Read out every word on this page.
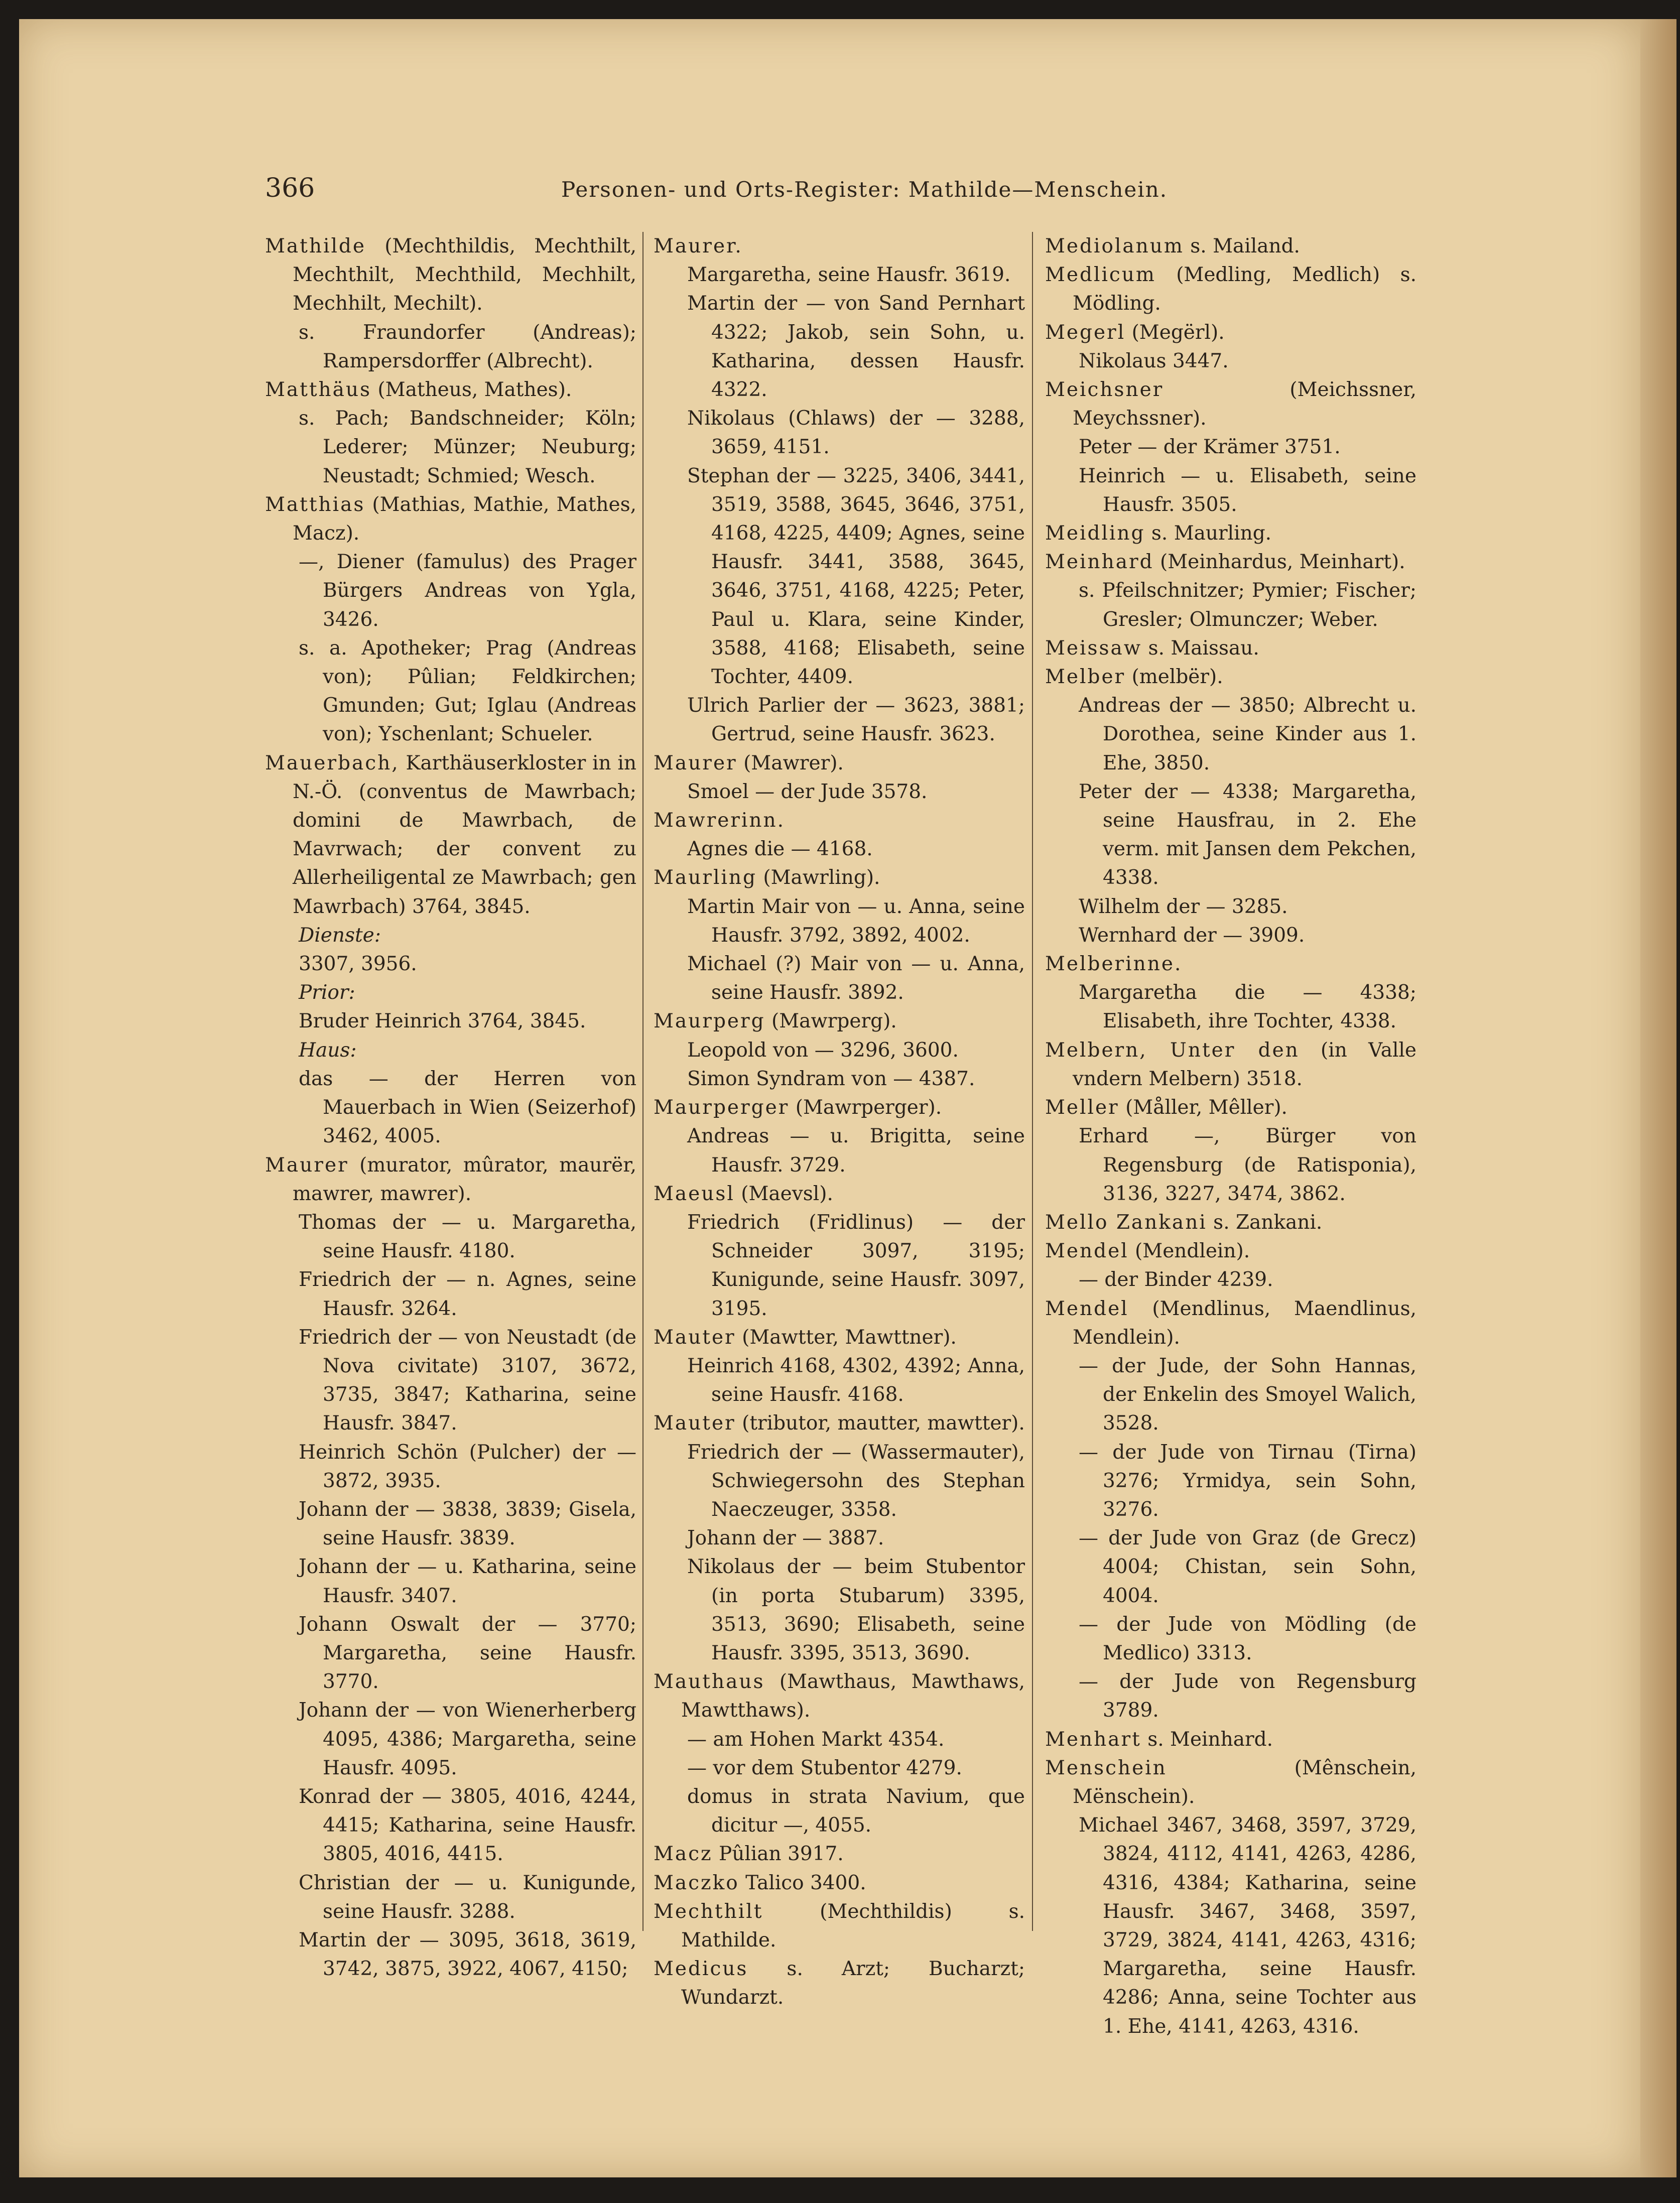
366	Personen- und Orts-Register: Mathilde—Menschein.

Mathilde (Mechthildis, Mechthilt, Mechthilt, Mechthild, Mechhilt, Mechhilt, Mechilt).

s. Fraundorfer (Andreas); Rampersdorffer (Albrecht).

Matthäus (Matheus, Mathes).

s. Pach; Bandschneider; Köln; Lederer; Münzer; Neuburg; Neustadt; Schmied; Wesch.

Matthias (Mathias, Mathie, Mathes, Macz).

—, Diener (famulus) des Prager Bürgers Andreas von Ygla, 3426.

s. a. Apotheker; Prag (Andreas von); Pûlian; Feldkirchen; Gmunden; Gut; Iglau (Andreas von); Yschenlant; Schueler.

Mauerbach, Karthäuserkloster in in N.-Ö. (conventus de Mawrbach; domini de Mawrbach, de Mavrwach; der convent zu Allerheiligental ze Mawrbach; gen Mawrbach) 3764, 3845.

Dienste:

3307, 3956.

Prior:

Bruder Heinrich 3764, 3845.

Haus:

das — der Herren von Mauerbach in Wien (Seizerhof) 3462, 4005.

Maurer (murator, mûrator, maurër, mawrer, mawrer).

Thomas der — u. Margaretha, seine Hausfr. 4180.

Friedrich der — n. Agnes, seine Hausfr. 3264.

Friedrich der — von Neustadt (de Nova civitate) 3107, 3672, 3735, 3847; Katharina, seine Hausfr. 3847.

Heinrich Schön (Pulcher) der — 3872, 3935.

Johann der — 3838, 3839; Gisela, seine Hausfr. 3839.

Johann der — u. Katharina, seine Hausfr. 3407.

Johann Oswalt der — 3770; Margaretha, seine Hausfr. 3770.

Johann der — von Wienerherberg 4095, 4386; Margaretha, seine Hausfr. 4095.

Konrad der — 3805, 4016, 4244, 4415; Katharina, seine Hausfr. 3805, 4016, 4415.

Christian der — u. Kunigunde, seine Hausfr. 3288.

Martin der — 3095, 3618, 3619, 3742, 3875, 3922, 4067, 4150;

Maurer.

Margaretha, seine Hausfr. 3619.

Martin der — von Sand Pernhart 4322; Jakob, sein Sohn, u. Katharina, dessen Hausfr. 4322.

Nikolaus (Chlaws) der — 3288, 3659, 4151.

Stephan der — 3225, 3406, 3441, 3519, 3588, 3645, 3646, 3751, 4168, 4225, 4409; Agnes, seine Hausfr. 3441, 3588, 3645, 3646, 3751, 4168, 4225; Peter, Paul u. Klara, seine Kinder, 3588, 4168; Elisabeth, seine Tochter, 4409.

Ulrich Parlier der — 3623, 3881; Gertrud, seine Hausfr. 3623.

Maurer (Mawrer).

Smoel — der Jude 3578.

Mawrerinn.

Agnes die — 4168.

Maurling (Mawrling).

Martin Mair von — u. Anna, seine Hausfr. 3792, 3892, 4002.

Michael (?) Mair von — u. Anna, seine Hausfr. 3892.

Maurperg (Mawrperg).

Leopold von — 3296, 3600.

Simon Syndram von — 4387.

Maurperger (Mawrperger).

Andreas — u. Brigitta, seine Hausfr. 3729.

Maeusl (Maevsl).

Friedrich (Fridlinus) — der Schneider 3097, 3195; Kunigunde, seine Hausfr. 3097, 3195.

Mauter (Mawtter, Mawttner).

Heinrich 4168, 4302, 4392; Anna, seine Hausfr. 4168.

Mauter (tributor, mautter, mawtter).

Friedrich der — (Wassermauter), Schwiegersohn des Stephan Naeczeuger, 3358.

Johann der — 3887.

Nikolaus der — beim Stubentor (in porta Stubarum) 3395, 3513, 3690; Elisabeth, seine Hausfr. 3395, 3513, 3690.

Mauthaus (Mawthaus, Mawthaws, Mawtthaws).

— am Hohen Markt 4354.

— vor dem Stubentor 4279.

domus in strata Navium, que dicitur —, 4055.

Macz Pûlian 3917.

Maczko Talico 3400.

Mechthilt (Mechthildis) s. Mathilde.

Medicus s. Arzt; Bucharzt; Wundarzt.

Mediolanum s. Mailand.

Medlicum (Medling, Medlich) s. Mödling.

Megerl (Megërl).

Nikolaus 3447.

Meichsner (Meichssner, Meychssner).

Peter — der Krämer 3751.

Heinrich — u. Elisabeth, seine Hausfr. 3505.

Meidling s. Maurling.

Meinhard (Meinhardus, Meinhart).

s. Pfeilschnitzer; Pymier; Fischer; Gresler; Olmunczer; Weber.

Meissaw s. Maissau.

Melber (melbër).

Andreas der — 3850; Albrecht u. Dorothea, seine Kinder aus 1. Ehe, 3850.

Peter der — 4338; Margaretha, seine Hausfrau, in 2. Ehe verm. mit Jansen dem Pekchen, 4338.

Wilhelm der — 3285.

Wernhard der — 3909.

Melberinne.

Margaretha die — 4338; Elisabeth, ihre Tochter, 4338.

Melbern, Unter den (in Valle vndern Melbern) 3518.

Meller (Måller, Mêller).

Erhard —, Bürger von Regensburg (de Ratisponia), 3136, 3227, 3474, 3862.

Mello Zankani s. Zankani.

Mendel (Mendlein).

— der Binder 4239.

Mendel (Mendlinus, Maendlinus, Mendlein).

— der Jude, der Sohn Hannas, der Enkelin des Smoyel Walich, 3528.

— der Jude von Tirnau (Tirna) 3276; Yrmidya, sein Sohn, 3276.

— der Jude von Graz (de Grecz) 4004; Chistan, sein Sohn, 4004.

— der Jude von Mödling (de Medlico) 3313.

— der Jude von Regensburg 3789.

Menhart s. Meinhard.

Menschein (Mênschein, Mënschein).

Michael 3467, 3468, 3597, 3729, 3824, 4112, 4141, 4263, 4286, 4316, 4384; Katharina, seine Hausfr. 3467, 3468, 3597, 3729, 3824, 4141, 4263, 4316; Margaretha, seine Hausfr. 4286; Anna, seine Tochter aus 1. Ehe, 4141, 4263, 4316.
